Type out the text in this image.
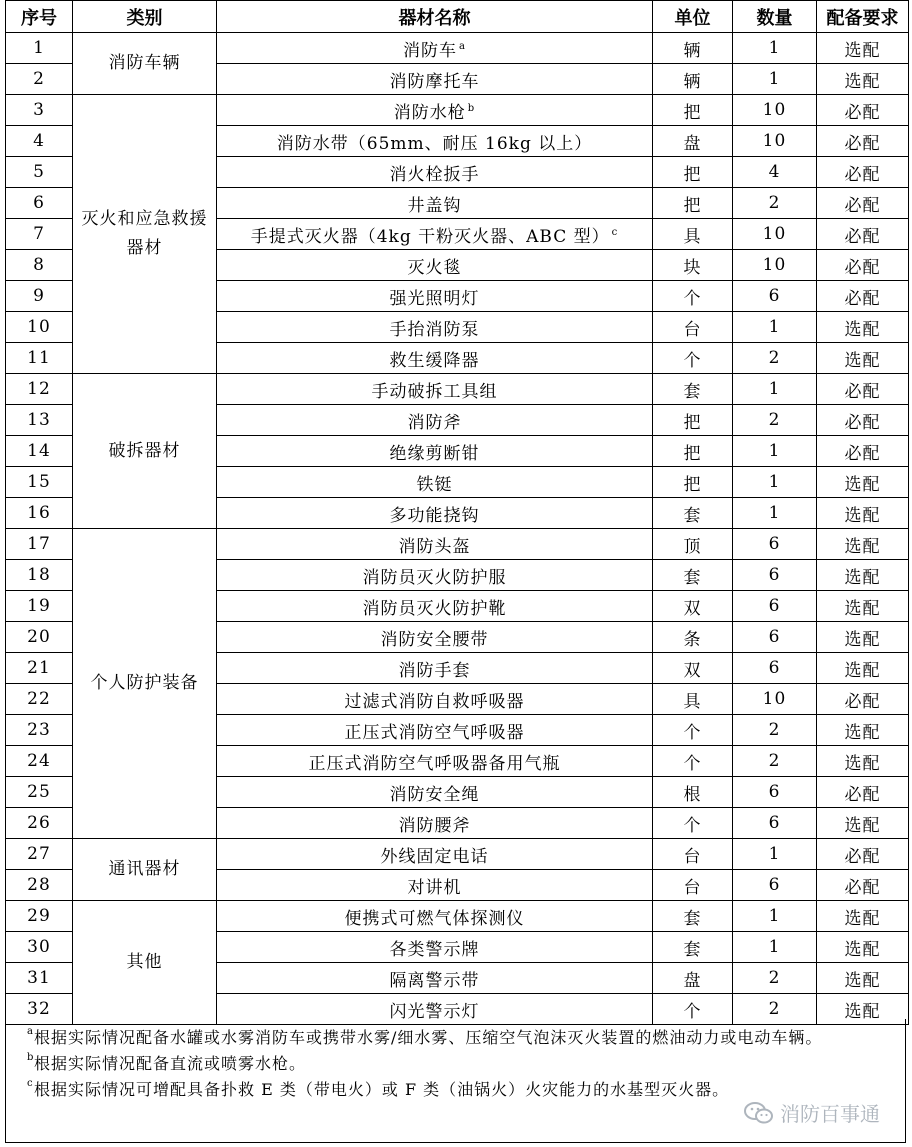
序号	类别	器材名称	单位	数量	配备要求
1	消防车辆	消防车 $^a$	辆	1	选配
2		消防摩托车	辆	1	选配
3	灭火和应急救援器材	消防水枪 $^b$	把	10	必配
4		消防水带（65mm、耐压 16kg 以上）	盘	10	必配
5		消火栓扳手	把	4	必配
6		井盖钩	把	2	必配
7		手提式灭火器（4kg 干粉灭火器、ABC 型） $^c$	具	10	必配
8		灭火毯	块	10	必配
9		强光照明灯	个	6	必配
10		手抬消防泵	台	1	选配
11		救生缓降器	个	2	选配
12	破拆器材	手动破拆工具组	套	1	必配
13		消防斧	把	2	必配
14		绝缘剪断钳	把	1	必配
15		铁铤	把	1	选配
16		多功能挠钩	套	1	选配
17	个人防护装备	消防头盔	顶	6	选配
18		消防员灭火防护服	套	6	选配
19		消防员灭火防护靴	双	6	选配
20		消防安全腰带	条	6	选配
21		消防手套	双	6	选配
22		过滤式消防自救呼吸器	具	10	必配
23		正压式消防空气呼吸器	个	2	选配
24		正压式消防空气呼吸器备用气瓶	个	2	选配
25		消防安全绳	根	6	必配
26		消防腰斧	个	6	选配
27	通讯器材	外线固定电话	台	1	必配
28		对讲机	台	6	必配
29	其他	便携式可燃气体探测仪	套	1	选配
30		各类警示牌	套	1	选配
31		隔离警示带	盘	2	选配
32		闪光警示灯	个	2	选配
a 根据实际情况配备水罐或水雾消防车或携带水雾/细水雾、压缩空气泡沫灭火装置的燃油动力或电动车辆。
b 根据实际情况配备直流或喷雾水枪。
c 根据实际情况可增配具备扑救 E 类（带电火）或 F 类（油锅火）火灾能力的水基型灭火器。
消防百事通
